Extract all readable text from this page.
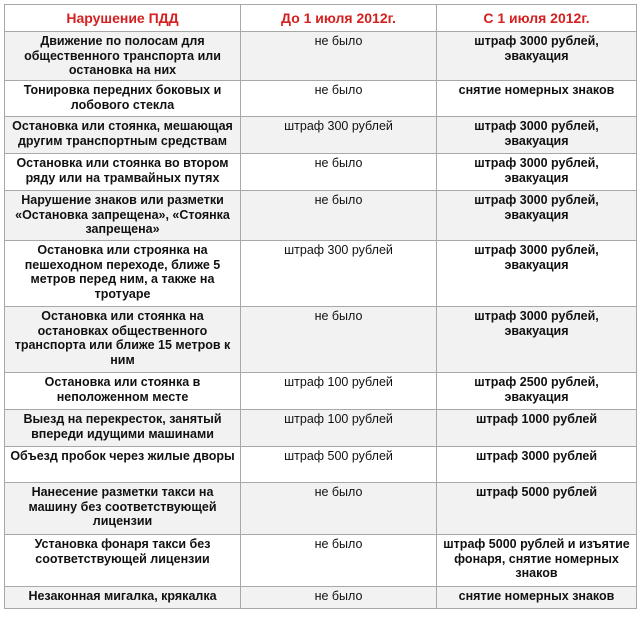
Нарушение ПДД	До 1 июля 2012г.	С 1 июля 2012г.
Движение по полосам для общественного транспорта или остановка на них	не было	штраф 3000 рублей, эвакуация
Тонировка передних боковых и лобового стекла	не было	снятие номерных знаков
Остановка или стоянка, мешающая другим транспортным средствам	штраф 300 рублей	штраф 3000 рублей, эвакуация
Остановка или стоянка во втором ряду или на трамвайных путях	не было	штраф 3000 рублей, эвакуация
Нарушение знаков или разметки «Остановка запрещена», «Стоянка запрещена»	не было	штраф 3000 рублей, эвакуация
Остановка или строянка на пешеходном переходе, ближе 5 метров перед ним, а также на тротуаре	штраф 300 рублей	штраф 3000 рублей, эвакуация
Остановка или стоянка на остановках общественного транспорта или ближе 15 метров к ним	не было	штраф 3000 рублей, эвакуация
Остановка или стоянка в неположенном месте	штраф 100 рублей	штраф 2500 рублей, эвакуация
Выезд на перекресток, занятый впереди идущими машинами	штраф 100 рублей	штраф 1000 рублей
Объезд пробок через жилые дворы	штраф 500 рублей	штраф 3000 рублей
Нанесение разметки такси на машину без соответствующей лицензии	не было	штраф 5000 рублей
Установка фонаря такси без соответствующей лицензии	не было	штраф 5000 рублей и изъятие фонаря, снятие номерных знаков
Незаконная мигалка, крякалка	не было	снятие номерных знаков
